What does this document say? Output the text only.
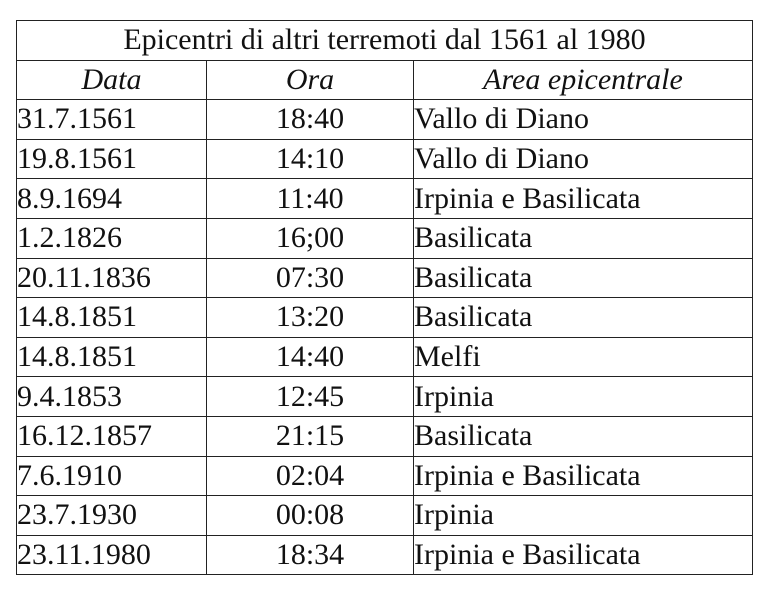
Epicentri di altri terremoti dal 1561 al 1980		
Data	Ora	Area epicentrale
31.7.1561	18:40	Vallo di Diano
19.8.1561	14:10	Vallo di Diano
8.9.1694	11:40	Irpinia e Basilicata
1.2.1826	16;00	Basilicata
20.11.1836	07:30	Basilicata
14.8.1851	13:20	Basilicata
14.8.1851	14:40	Melfi
9.4.1853	12:45	Irpinia
16.12.1857	21:15	Basilicata
7.6.1910	02:04	Irpinia e Basilicata
23.7.1930	00:08	Irpinia
23.11.1980	18:34	Irpinia e Basilicata
